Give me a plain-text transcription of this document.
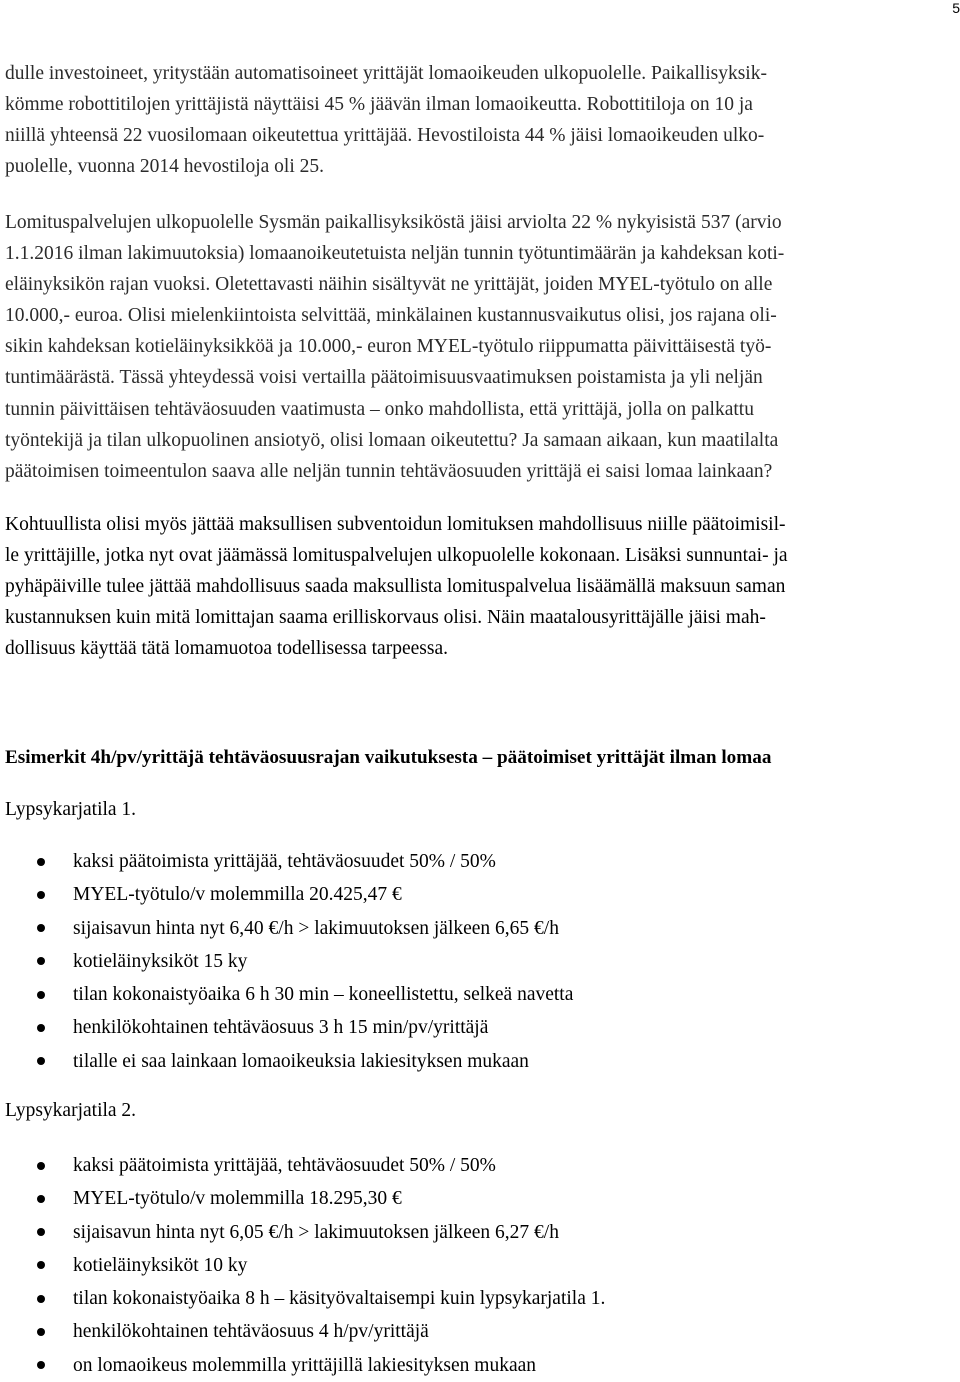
5
dulle investoineet, yritystään automatisoineet yrittäjät lomaoikeuden ulkopuolelle. Paikallisyksik-
kömme robottitilojen yrittäjistä näyttäisi 45 % jäävän ilman lomaoikeutta. Robottitiloja on 10 ja
niillä yhteensä 22 vuosilomaan oikeutettua yrittäjää. Hevostiloista 44 % jäisi lomaoikeuden ulko-
puolelle, vuonna 2014 hevostiloja oli 25.
Lomituspalvelujen ulkopuolelle Sysmän paikallisyksiköstä jäisi arviolta 22 % nykyisistä 537 (arvio
1.1.2016 ilman lakimuutoksia) lomaanoikeutetuista neljän tunnin työtuntimäärän ja kahdeksan koti-
eläinyksikön rajan vuoksi. Oletettavasti näihin sisältyvät ne yrittäjät, joiden MYEL-työtulo on alle
10.000,- euroa. Olisi mielenkiintoista selvittää, minkälainen kustannusvaikutus olisi, jos rajana oli-
sikin kahdeksan kotieläinyksikköä ja 10.000,- euron MYEL-työtulo riippumatta päivittäisestä työ-
tuntimäärästä. Tässä yhteydessä voisi vertailla päätoimisuusvaatimuksen poistamista ja yli neljän
tunnin päivittäisen tehtäväosuuden vaatimusta – onko mahdollista, että yrittäjä, jolla on palkattu
työntekijä ja tilan ulkopuolinen ansiotyö, olisi lomaan oikeutettu? Ja samaan aikaan, kun maatilalta
päätoimisen toimeentulon saava alle neljän tunnin tehtäväosuuden yrittäjä ei saisi lomaa lainkaan?
Kohtuullista olisi myös jättää maksullisen subventoidun lomituksen mahdollisuus niille päätoimisil-
le yrittäjille, jotka nyt ovat jäämässä lomituspalvelujen ulkopuolelle kokonaan. Lisäksi sunnuntai- ja
pyhäpäiville tulee jättää mahdollisuus saada maksullista lomituspalvelua lisäämällä maksuun saman
kustannuksen kuin mitä lomittajan saama erilliskorvaus olisi. Näin maatalousyrittäjälle jäisi mah-
dollisuus käyttää tätä lomamuotoa todellisessa tarpeessa.
Esimerkit 4h/pv/yrittäjä tehtäväosuusrajan vaikutuksesta – päätoimiset yrittäjät ilman lomaa

Lypsykarjatila 1.

kaksi päätoimista yrittäjää, tehtäväosuudet 50% / 50%
MYEL-työtulo/v molemmilla 20.425,47 €
sijaisavun hinta nyt 6,40 €/h > lakimuutoksen jälkeen 6,65 €/h
kotieläinyksiköt 15 ky
tilan kokonaistyöaika 6 h 30 min – koneellistettu, selkeä navetta
henkilökohtainen tehtäväosuus 3 h 15 min/pv/yrittäjä
tilalle ei saa lainkaan lomaoikeuksia lakiesityksen mukaan

Lypsykarjatila 2.

kaksi päätoimista yrittäjää, tehtäväosuudet 50% / 50%
MYEL-työtulo/v molemmilla 18.295,30 €
sijaisavun hinta nyt 6,05 €/h > lakimuutoksen jälkeen 6,27 €/h
kotieläinyksiköt 10 ky
tilan kokonaistyöaika 8 h – käsityövaltaisempi kuin lypsykarjatila 1.
henkilökohtainen tehtäväosuus 4 h/pv/yrittäjä
on lomaoikeus molemmilla yrittäjillä lakiesityksen mukaan
